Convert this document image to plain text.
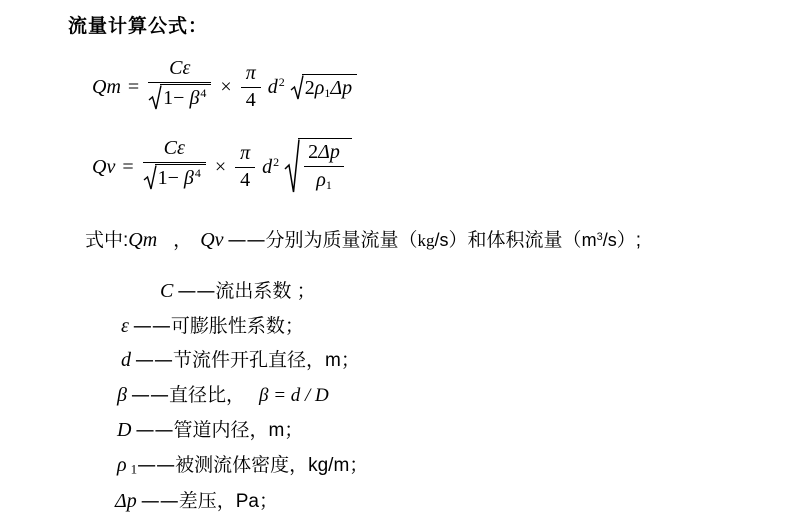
流量计算公式：
$Qm = \frac{C\varepsilon}{1- \beta^4} \times \frac{\pi}{4} d^2$ 2ρ1Δp
$Qv = \frac{C\varepsilon}{1- \beta^4} \times \frac{\pi}{4} d^2 \frac{2\Delta p}{\rho 1}$
式中:Qm ， Qv ——分别为质量流量（kg/s）和体积流量$(m^3/s)$;
C ——流出系数 ；
ε ——可膨胀性系数；
d ——节流件开孔直径，m；
β ——直径比， β = d / D
D ——管道内径，m；
ρ 1——被测流体密度，kg/m；
Δp ——差压，Pa；
